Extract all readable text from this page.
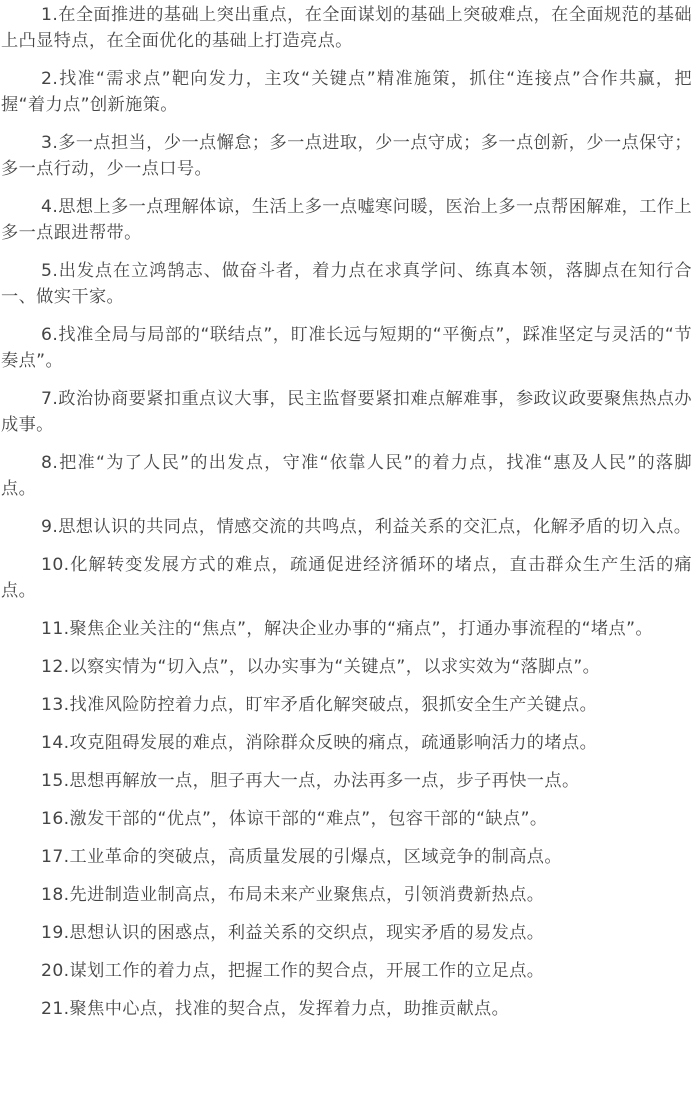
1.在全面推进的基础上突出重点，在全面谋划的基础上突破难点，在全面规范的基础上凸显特点，在全面优化的基础上打造亮点。

2.找准“需求点”靶向发力，主攻“关键点”精准施策，抓住“连接点”合作共赢，把握“着力点”创新施策。

3.多一点担当，少一点懈怠；多一点进取，少一点守成；多一点创新，少一点保守；多一点行动，少一点口号。

4.思想上多一点理解体谅，生活上多一点嘘寒问暖，医治上多一点帮困解难，工作上多一点跟进帮带。

5.出发点在立鸿鹄志、做奋斗者，着力点在求真学问、练真本领，落脚点在知行合一、做实干家。

6.找准全局与局部的“联结点”，盯准长远与短期的“平衡点”，踩准坚定与灵活的“节奏点”。

7.政治协商要紧扣重点议大事，民主监督要紧扣难点解难事，参政议政要聚焦热点办成事。

8.把准“为了人民”的出发点，守准“依靠人民”的着力点，找准“惠及人民”的落脚点。

9.思想认识的共同点，情感交流的共鸣点，利益关系的交汇点，化解矛盾的切入点。

10.化解转变发展方式的难点，疏通促进经济循环的堵点，直击群众生产生活的痛点。

11.聚焦企业关注的“焦点”，解决企业办事的“痛点”，打通办事流程的“堵点”。

12.以察实情为“切入点”，以办实事为“关键点”，以求实效为“落脚点”。

13.找准风险防控着力点，盯牢矛盾化解突破点，狠抓安全生产关键点。

14.攻克阻碍发展的难点，消除群众反映的痛点，疏通影响活力的堵点。

15.思想再解放一点，胆子再大一点，办法再多一点，步子再快一点。

16.激发干部的“优点”，体谅干部的“难点”，包容干部的“缺点”。

17.工业革命的突破点，高质量发展的引爆点，区域竞争的制高点。

18.先进制造业制高点，布局未来产业聚焦点，引领消费新热点。

19.思想认识的困惑点，利益关系的交织点，现实矛盾的易发点。

20.谋划工作的着力点，把握工作的契合点，开展工作的立足点。

21.聚焦中心点，找准的契合点，发挥着力点，助推贡献点。
